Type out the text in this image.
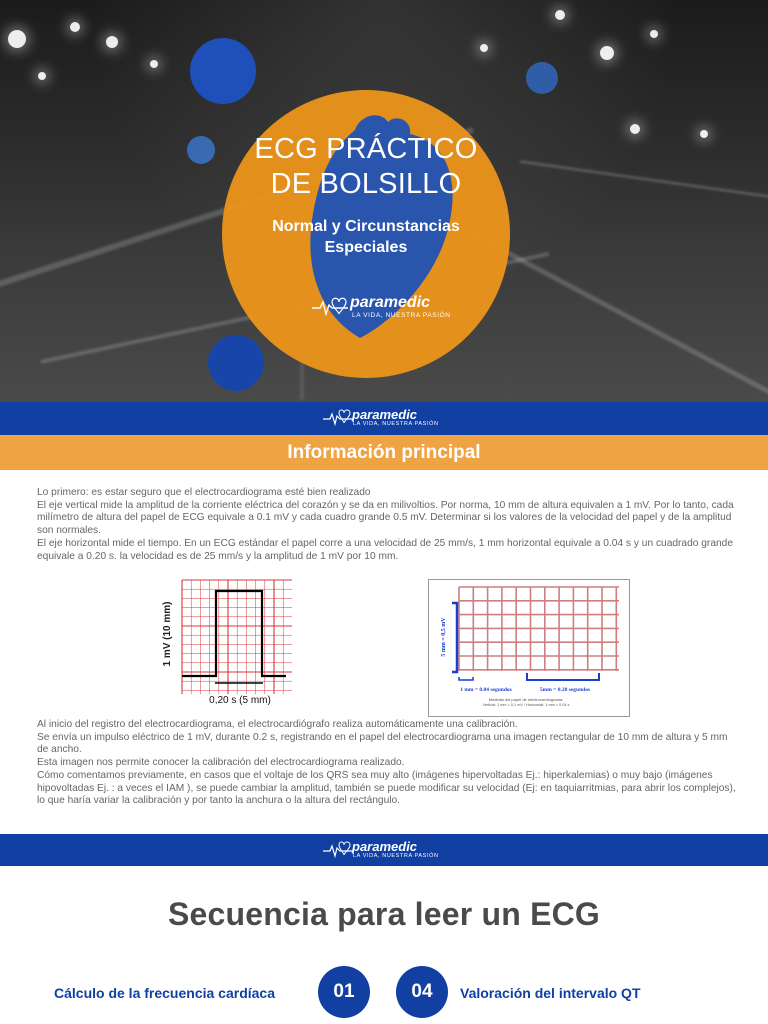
ECG PRÁCTICO
DE BOLSILLO
Normal y Circunstancias
Especiales
paramedic
LA VIDA, NUESTRA PASIÓN
paramedic
LA VIDA, NUESTRA PASIÓN
Información principal
Lo primero: es estar seguro que el electrocardiograma esté bien realizado
El eje vertical mide la amplitud de la corriente eléctrica del corazón y se da en milivoltios. Por norma, 10 mm de altura equivalen a 1 mV. Por lo tanto, cada milímetro de altura del papel de ECG equivale a 0.1 mV y cada cuadro grande 0.5 mV. Determinar si los valores de la velocidad del papel y de la amplitud son normales.
El eje horizontal mide el tiempo. En un ECG estándar el papel corre a una velocidad de 25 mm/s, 1 mm horizontal equivale a 0.04 s y un cuadrado grande equivale a 0.20 s. la velocidad es de 25 mm/s y la amplitud de 1 mV por 10 mm.
1 mV (10 mm)
0,20 s (5 mm)
5 mm = 0,5 mV
1 mm = 0.04 segundos	5mm = 0.20 segundos
Medidas del papel de electrocardiograma:
Vertical: 1 mm = 0,1 mV / Horizontal: 1 mm = 0.04 s
Al inicio del registro del electrocardiograma, el electrocardiógrafo realiza automáticamente una calibración.
Se envía un impulso eléctrico de 1 mV, durante 0.2 s, registrando en el papel del electrocardiograma una imagen rectangular de 10 mm de altura y 5 mm de ancho.
Esta imagen nos permite conocer la calibración del electrocardiograma realizado.
Cómo comentamos previamente, en casos que el voltaje de los QRS sea muy alto (imágenes hipervoltadas Ej.: hiperkalemias) o muy bajo (imágenes hipovoltadas Ej. : a veces el IAM ), se puede cambiar la amplitud, también se puede modificar su velocidad (Ej: en taquiarritmias, para abrir los complejos), lo que haría variar la calibración y por tanto la anchura o la altura del rectángulo.
paramedic
LA VIDA, NUESTRA PASIÓN
Secuencia para leer un ECG
Cálculo de la frecuencia cardíaca	01	04	Valoración del intervalo QT
